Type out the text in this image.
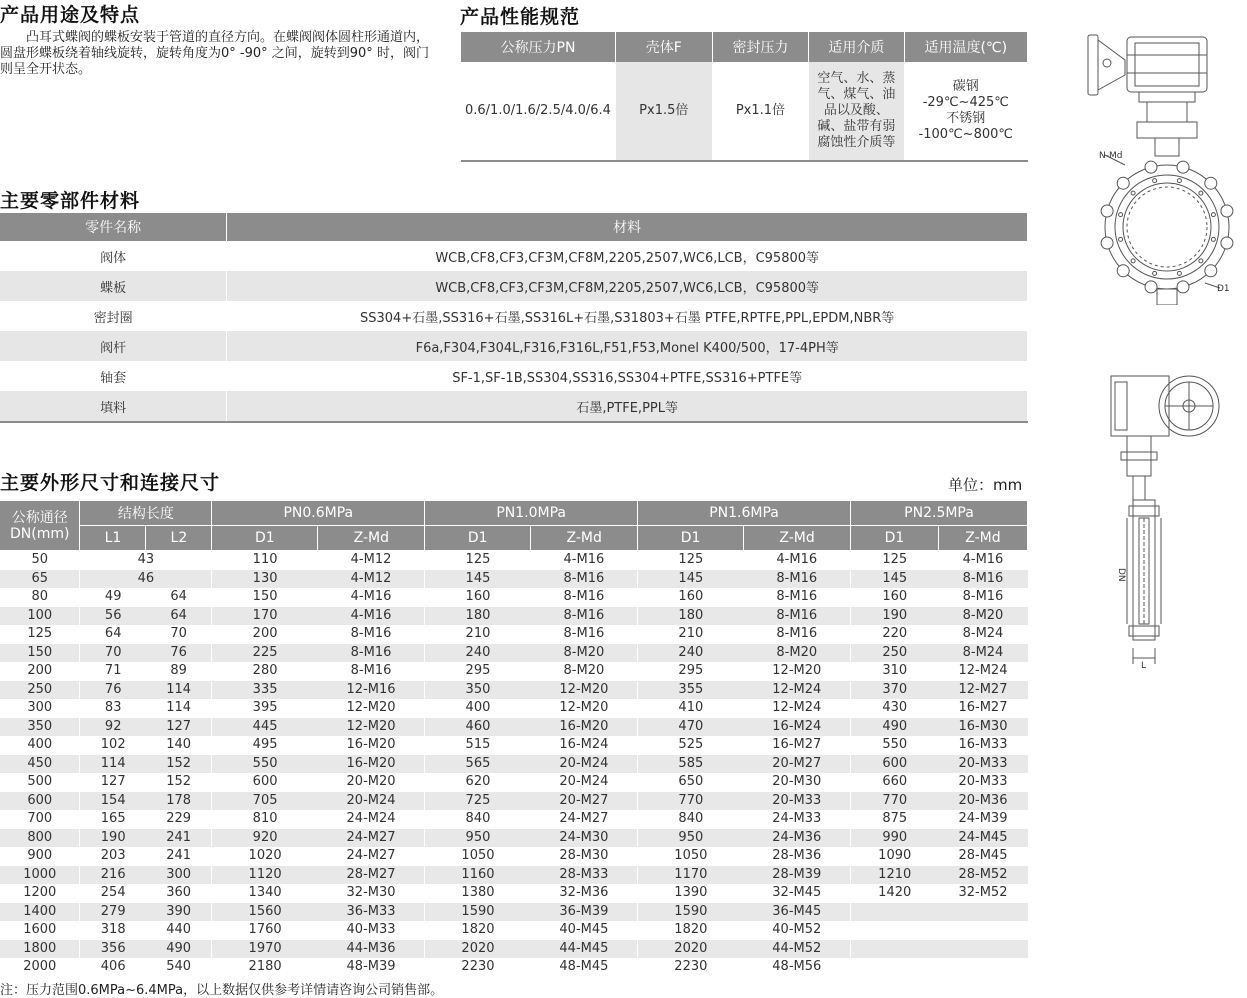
产品用途及特点
凸耳式蝶阀的蝶板安装于管道的直径方向。在蝶阀阀体圆柱形通道内，圆盘形蝶板绕着轴线旋转，旋转角度为0° -90° 之间，旋转到90° 时，阀门则呈全开状态。
产品性能规范
公称压力PN	壳体F	密封压力	适用介质	适用温度(℃)
0.6/1.0/1.6/2.5/4.0/6.4	Px1.5倍	Px1.1倍	空气、水、蒸气、煤气、油品以及酸、碱、盐带有弱腐蚀性介质等	碳钢 -29℃~425℃ 不锈钢 -100℃~800℃
主要零部件材料
零件名称	材料
阀体	WCB,CF8,CF3,CF3M,CF8M,2205,2507,WC6,LCB，C95800等
蝶板	WCB,CF8,CF3,CF3M,CF8M,2205,2507,WC6,LCB，C95800等
密封圈	SS304+石墨,SS316+石墨,SS316L+石墨,S31803+石墨 PTFE,RPTFE,PPL,EPDM,NBR等
阀杆	F6a,F304,F304L,F316,F316L,F51,F53,Monel K400/500，17-4PH等
轴套	SF-1,SF-1B,SS304,SS316,SS304+PTFE,SS316+PTFE等
填料	石墨,PTFE,PPL等
主要外形尺寸和连接尺寸	单位：mm
公称通径DN(mm)	结构长度		PN0.6MPa		PN1.0MPa		PN1.6MPa		PN2.5MPa	
	L1	L2	D1	Z-Md	D1	Z-Md	D1	Z-Md	D1	Z-Md
50	43		110	4-M12	125	4-M16	125	4-M16	125	4-M16
65	46		130	4-M12	145	8-M16	145	8-M16	145	8-M16
80	49	64	150	4-M16	160	8-M16	160	8-M16	160	8-M16
100	56	64	170	4-M16	180	8-M16	180	8-M16	190	8-M20
125	64	70	200	8-M16	210	8-M16	210	8-M16	220	8-M24
150	70	76	225	8-M16	240	8-M20	240	8-M20	250	8-M24
200	71	89	280	8-M16	295	8-M20	295	12-M20	310	12-M24
250	76	114	335	12-M16	350	12-M20	355	12-M24	370	12-M27
300	83	114	395	12-M20	400	12-M20	410	12-M24	430	16-M27
350	92	127	445	12-M20	460	16-M20	470	16-M24	490	16-M30
400	102	140	495	16-M20	515	16-M24	525	16-M27	550	16-M33
450	114	152	550	16-M20	565	20-M24	585	20-M27	600	20-M33
500	127	152	600	20-M20	620	20-M24	650	20-M30	660	20-M33
600	154	178	705	20-M24	725	20-M27	770	20-M33	770	20-M36
700	165	229	810	24-M24	840	24-M27	840	24-M33	875	24-M39
800	190	241	920	24-M27	950	24-M30	950	24-M36	990	24-M45
900	203	241	1020	24-M27	1050	28-M30	1050	28-M36	1090	28-M45
1000	216	300	1120	28-M27	1160	28-M33	1170	28-M39	1210	28-M52
1200	254	360	1340	32-M30	1380	32-M36	1390	32-M45	1420	32-M52
1400	279	390	1560	36-M33	1590	36-M39	1590	36-M45		
1600	318	440	1760	40-M33	1820	40-M45	1820	40-M52		
1800	356	490	1970	44-M36	2020	44-M45	2020	44-M52		
2000	406	540	2180	48-M39	2230	48-M45	2230	48-M56		
注：压力范围0.6MPa~6.4MPa，以上数据仅供参考详情请咨询公司销售部。
N-Md
D1
DN
L
